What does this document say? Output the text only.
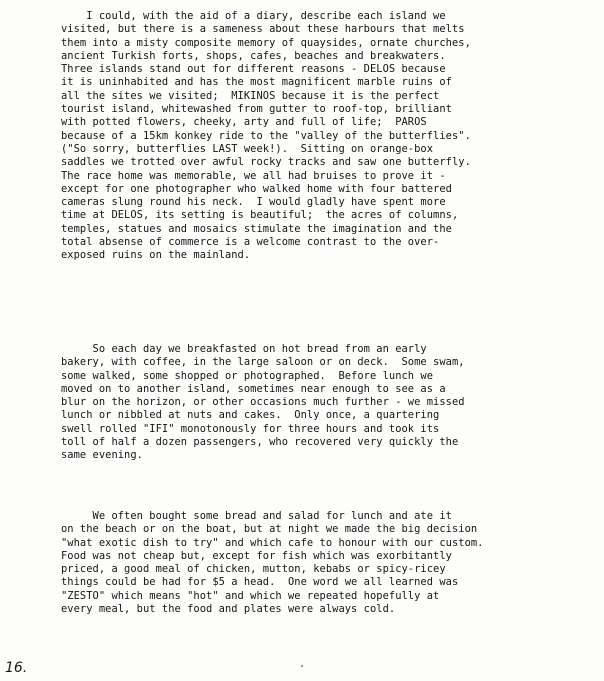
I could, with the aid of a diary, describe each island we
visited, but there is a sameness about these harbours that melts
them into a misty composite memory of quaysides, ornate churches,
ancient Turkish forts, shops, cafes, beaches and breakwaters.
Three islands stand out for different reasons - DELOS because
it is uninhabited and has the most magnificent marble ruins of
all the sites we visited;  MIKINOS because it is the perfect
tourist island, whitewashed from gutter to roof-top, brilliant
with potted flowers, cheeky, arty and full of life;  PAROS
because of a 15km konkey ride to the "valley of the butterflies".
("So sorry, butterflies LAST week!).  Sitting on orange-box
saddles we trotted over awful rocky tracks and saw one butterfly.
The race home was memorable, we all had bruises to prove it -
except for one photographer who walked home with four battered
cameras slung round his neck.  I would gladly have spent more
time at DELOS, its setting is beautiful;  the acres of columns,
temples, statues and mosaics stimulate the imagination and the
total absense of commerce is a welcome contrast to the over-
exposed ruins on the mainland.
So each day we breakfasted on hot bread from an early
bakery, with coffee, in the large saloon or on deck.  Some swam,
some walked, some shopped or photographed.  Before lunch we
moved on to another island, sometimes near enough to see as a
blur on the horizon, or other occasions much further - we missed
lunch or nibbled at nuts and cakes.  Only once, a quartering
swell rolled "IFI" monotonously for three hours and took its
toll of half a dozen passengers, who recovered very quickly the
same evening.
We often bought some bread and salad for lunch and ate it
on the beach or on the boat, but at night we made the big decision
"what exotic dish to try" and which cafe to honour with our custom.
Food was not cheap but, except for fish which was exorbitantly
priced, a good meal of chicken, mutton, kebabs or spicy-ricey
things could be had for $5 a head.  One word we all learned was
"ZESTO" which means "hot" and which we repeated hopefully at
every meal, but the food and plates were always cold.
16.
